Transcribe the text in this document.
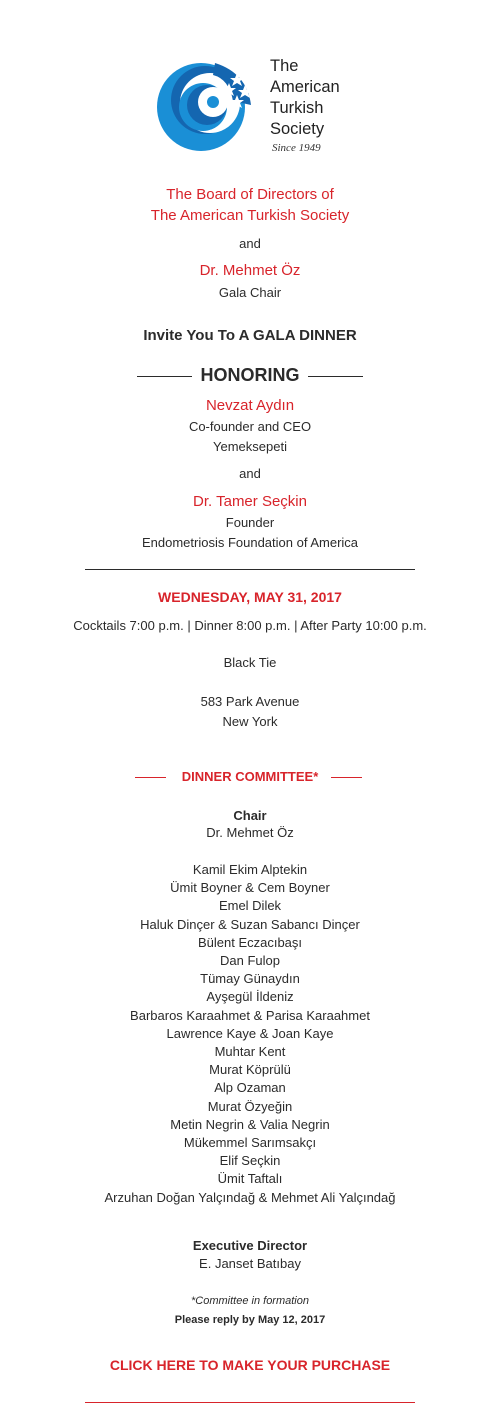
The
American
Turkish
Society
Since 1949
The Board of Directors of
The American Turkish Society
and
Dr. Mehmet Öz
Gala Chair
Invite You To A GALA DINNER
HONORING
Nevzat Aydın
Co-founder and CEO
Yemeksepeti
and
Dr. Tamer Seçkin
Founder
Endometriosis Foundation of America
WEDNESDAY, MAY 31, 2017
Cocktails 7:00 p.m. | Dinner 8:00 p.m. | After Party 10:00 p.m.
Black Tie
583 Park Avenue
New York
DINNER COMMITTEE*
Chair
Dr. Mehmet Öz
Kamil Ekim Alptekin
Ümit Boyner & Cem Boyner
Emel Dilek
Haluk Dinçer & Suzan Sabancı Dinçer
Bülent Eczacıbaşı
Dan Fulop
Tümay Günaydın
Ayşegül İldeniz
Barbaros Karaahmet & Parisa Karaahmet
Lawrence Kaye & Joan Kaye
Muhtar Kent
Murat Köprülü
Alp Ozaman
Murat Özyeğin
Metin Negrin & Valia Negrin
Mükemmel Sarımsakçı
Elif Seçkin
Ümit Taftalı
Arzuhan Doğan Yalçındağ & Mehmet Ali Yalçındağ
Executive Director
E. Janset Batıbay
*Committee in formation
Please reply by May 12, 2017
CLICK HERE TO MAKE YOUR PURCHASE
